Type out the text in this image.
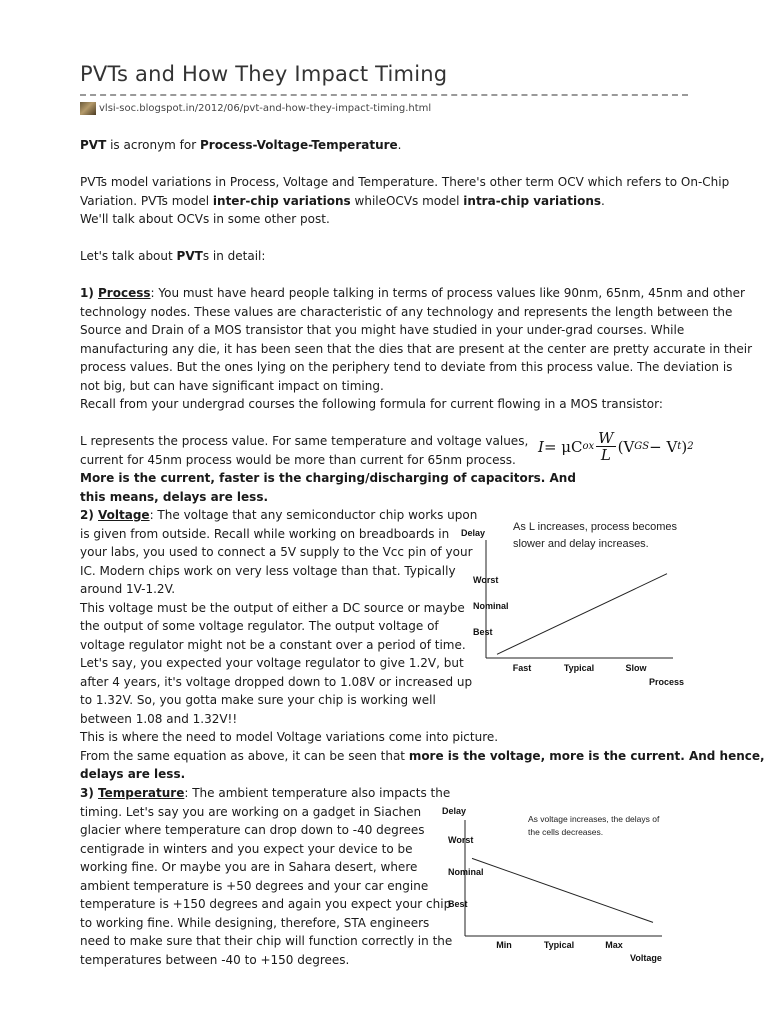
PVTs and How They Impact Timing
vlsi-soc.blogspot.in/2012/06/pvt-and-how-they-impact-timing.html

PVT is acronym for Process-Voltage-Temperature.

PVTs model variations in Process, Voltage and Temperature. There's other term OCV which refers to On-Chip
Variation. PVTs model inter-chip variations whileOCVs model intra-chip variations.
We'll talk about OCVs in some other post.

Let's talk about PVTs in detail:

1) Process: You must have heard people talking in terms of process values like 90nm, 65nm, 45nm and other
technology nodes. These values are characteristic of any technology and represents the length between the
Source and Drain of a MOS transistor that you might have studied in your under-grad courses. While
manufacturing any die, it has been seen that the dies that are present at the center are pretty accurate in their
process values. But the ones lying on the periphery tend to deviate from this process value. The deviation is
not big, but can have significant impact on timing.
Recall from your undergrad courses the following formula for current flowing in a MOS transistor:

I = μC ox $\frac{W}{L} (V$ GS − V t ) 2

L represents the process value. For same temperature and voltage values,
current for 45nm process would be more than current for 65nm process.
More is the current, faster is the charging/discharging of capacitors. And
this means, delays are less.

2) Voltage: The voltage that any semiconductor chip works upon
is given from outside. Recall while working on breadboards in
your labs, you used to connect a 5V supply to the Vcc pin of your
IC. Modern chips work on very less voltage than that. Typically
around 1V-1.2V.
This voltage must be the output of either a DC source or maybe
the output of some voltage regulator. The output voltage of
voltage regulator might not be a constant over a period of time.
Let's say, you expected your voltage regulator to give 1.2V, but
after 4 years, it's voltage dropped down to 1.08V or increased up
to 1.32V. So, you gotta make sure your chip is working well
between 1.08 and 1.32V!!
This is where the need to model Voltage variations come into picture.
From the same equation as above, it can be seen that more is the voltage, more is the current. And hence,
delays are less.

3) Temperature: The ambient temperature also impacts the
timing. Let's say you are working on a gadget in Siachen
glacier where temperature can drop down to -40 degrees
centigrade in winters and you expect your device to be
working fine. Or maybe you are in Sahara desert, where
ambient temperature is +50 degrees and your car engine
temperature is +150 degrees and again you expect your chip
to working fine. While designing, therefore, STA engineers
need to make sure that their chip will function correctly in the
temperatures between -40 to +150 degrees.

As L increases, process becomes
slower and delay increases.
Delay
Best
Nominal
Worst
Fast	Typical	Slow
Process
As voltage increases, the delays of
the cells decreases.
Delay
Best
Nominal
Worst
Min	Typical	Max
Voltage
